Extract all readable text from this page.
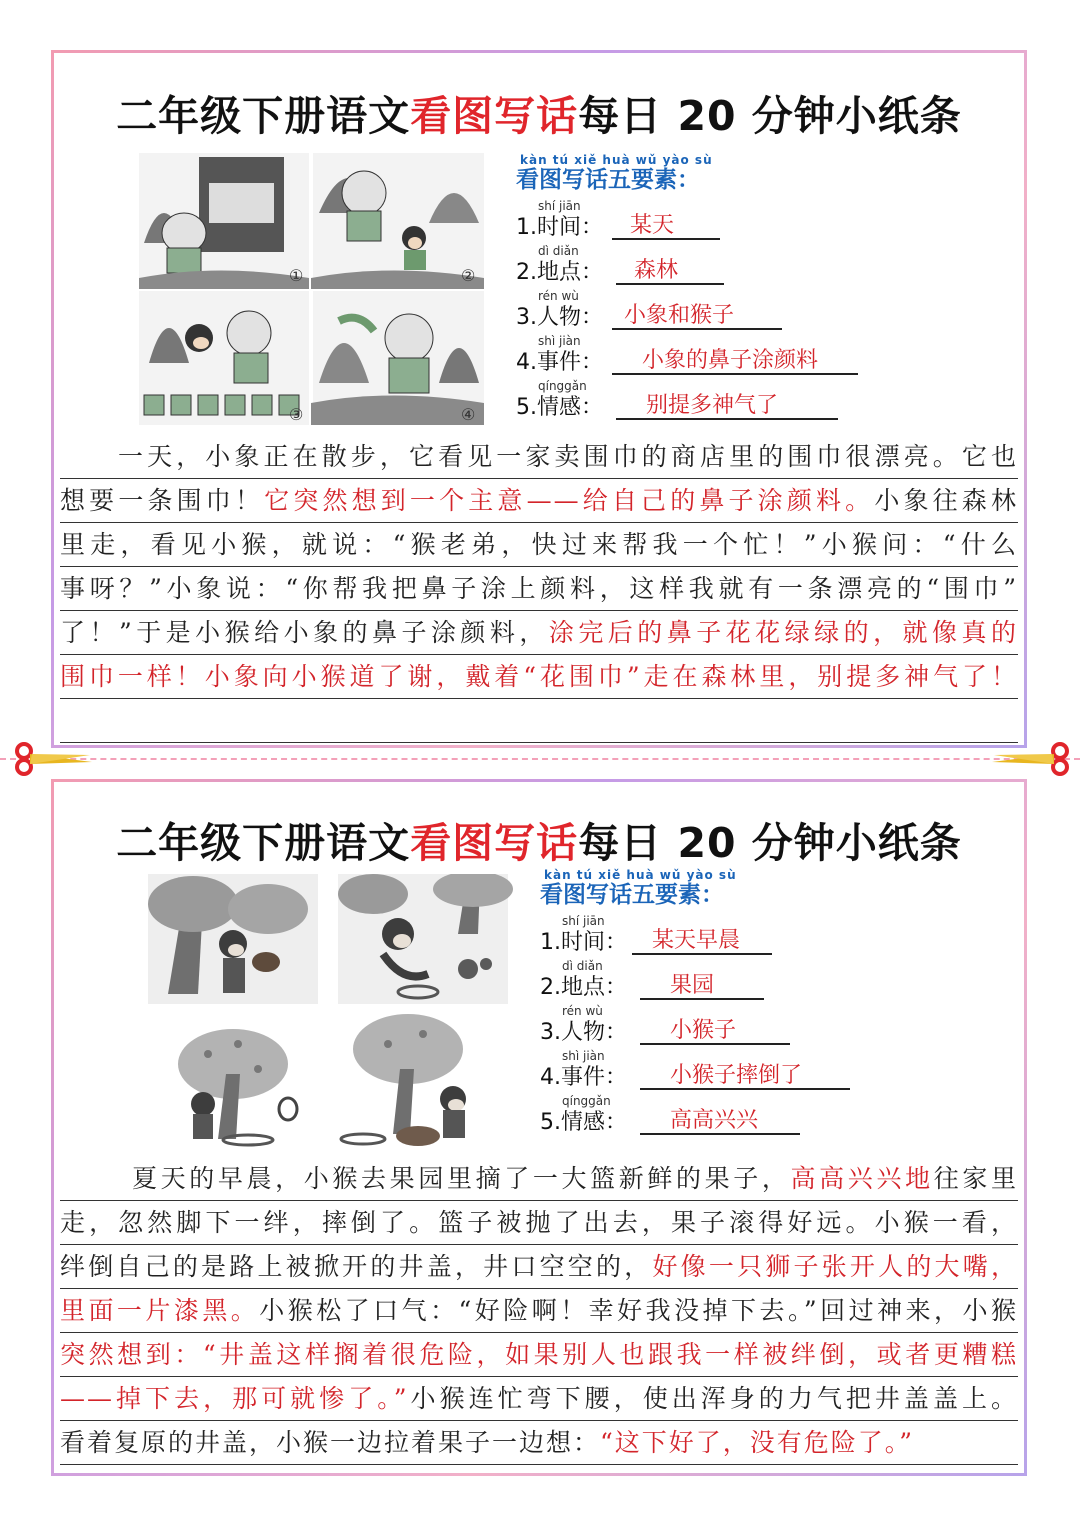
二年级下册语文看图写话每日 20 分钟小纸条
①	②
③	④
kàn tú xiě huà wǔ yào sù
看图写话五要素：
shí jiān
1.时间：	某天
dì diǎn
2.地点：	森林
rén wù
3.人物： 小象和猴子
shì jiàn
4.事件：	小象的鼻子涂颜料
qínggǎn
5.情感：	别提多神气了
一天，小象正在散步，它看见一家卖围巾的商店里的围巾很漂亮。它也
想要一条围巾！它突然想到一个主意——给自己的鼻子涂颜料。小象往森林
里走，看见小猴，就说：“猴老弟，快过来帮我一个忙！”小猴问：“什么
事呀？”小象说：“你帮我把鼻子涂上颜料，这样我就有一条漂亮的“围巾”
了！”于是小猴给小象的鼻子涂颜料，涂完后的鼻子花花绿绿的，就像真的
围巾一样！小象向小猴道了谢，戴着“花围巾”走在森林里，别提多神气了！
二年级下册语文看图写话每日 20 分钟小纸条
kàn tú xiě huà wǔ yào sù
看图写话五要素：
shí jiān
1.时间：	某天早晨
dì diǎn
2.地点：	果园
rén wù
3.人物：	小猴子
shì jiàn
4.事件：	小猴子摔倒了
qínggǎn
5.情感：	高高兴兴
夏天的早晨，小猴去果园里摘了一大篮新鲜的果子，高高兴兴地往家里
走，忽然脚下一绊，摔倒了。篮子被抛了出去，果子滚得好远。小猴一看，
绊倒自己的是路上被掀开的井盖，井口空空的，好像一只狮子张开人的大嘴，
里面一片漆黑。小猴松了口气：“好险啊！幸好我没掉下去。”回过神来，小猴
突然想到：“井盖这样搁着很危险，如果别人也跟我一样被绊倒，或者更糟糕
——掉下去，那可就惨了。”小猴连忙弯下腰，使出浑身的力气把井盖盖上。
看着复原的井盖，小猴一边拉着果子一边想：“这下好了，没有危险了。”
